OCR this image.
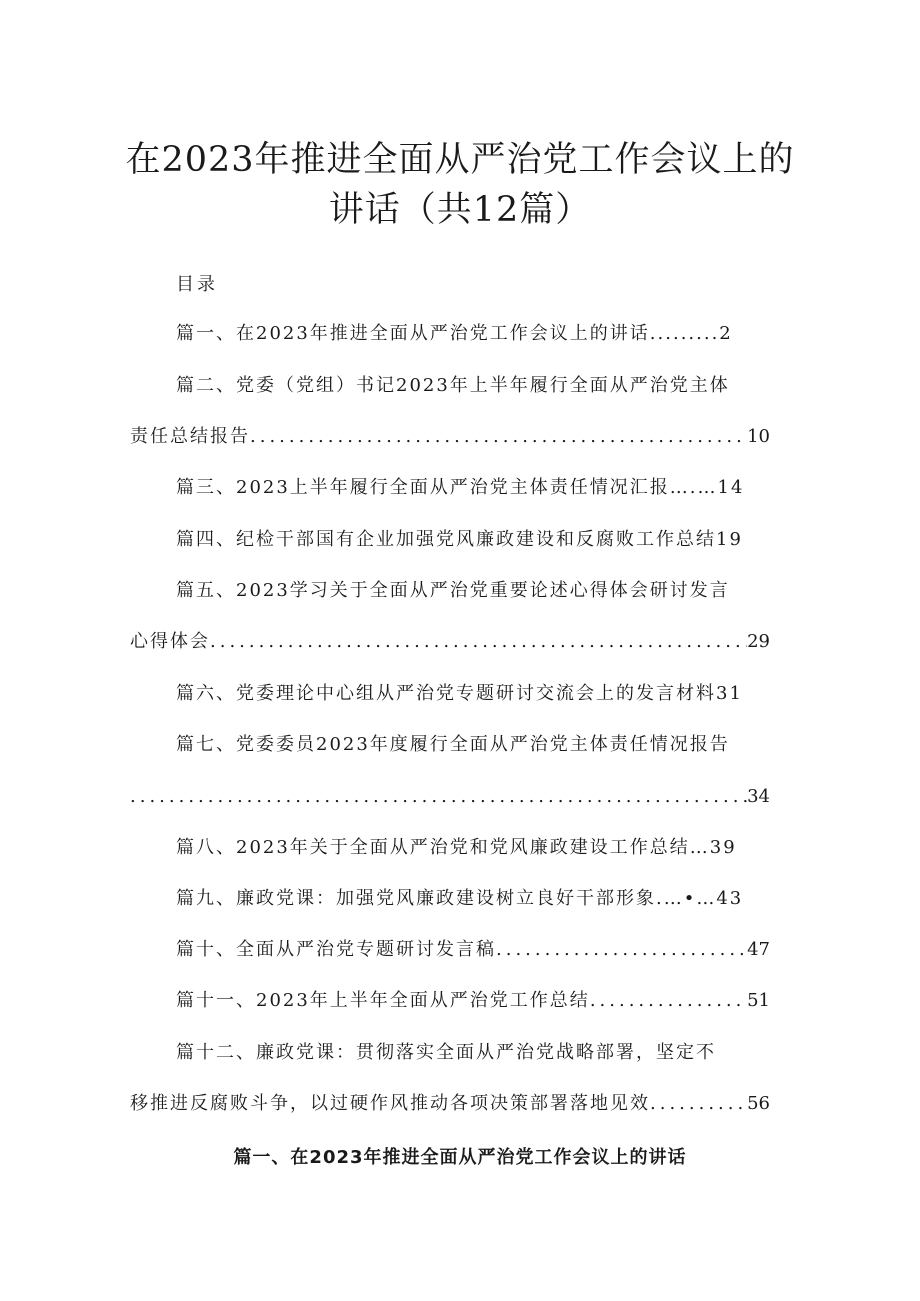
在2023年推进全面从严治党工作会议上的
讲话（共12篇）
目录
篇一、在2023年推进全面从严治党工作会议上的讲话.........2
篇二、党委（党组）书记2023年上半年履行全面从严治党主体
责任总结报告 .....	10
篇三、2023上半年履行全面从严治党主体责任情况汇报….…14
篇四、纪检干部国有企业加强党风廉政建设和反腐败工作总结19
篇五、2023学习关于全面从严治党重要论述心得体会研讨发言
心得体会 .....	29
篇六、党委理论中心组从严治党专题研讨交流会上的发言材料31
篇七、党委委员2023年度履行全面从严治党主体责任情况报告
.....
34
篇八、2023年关于全面从严治党和党风廉政建设工作总结…39
篇九、廉政党课：加强党风廉政建设树立良好干部形象.…•…43
篇十、全面从严治党专题研讨发言稿 .....	47
篇十一、2023年上半年全面从严治党工作总结 .....	51
篇十二、廉政党课：贯彻落实全面从严治党战略部署，坚定不
移推进反腐败斗争，以过硬作风推动各项决策部署落地见效 .....	56
篇一、在2023年推进全面从严治党工作会议上的讲话
